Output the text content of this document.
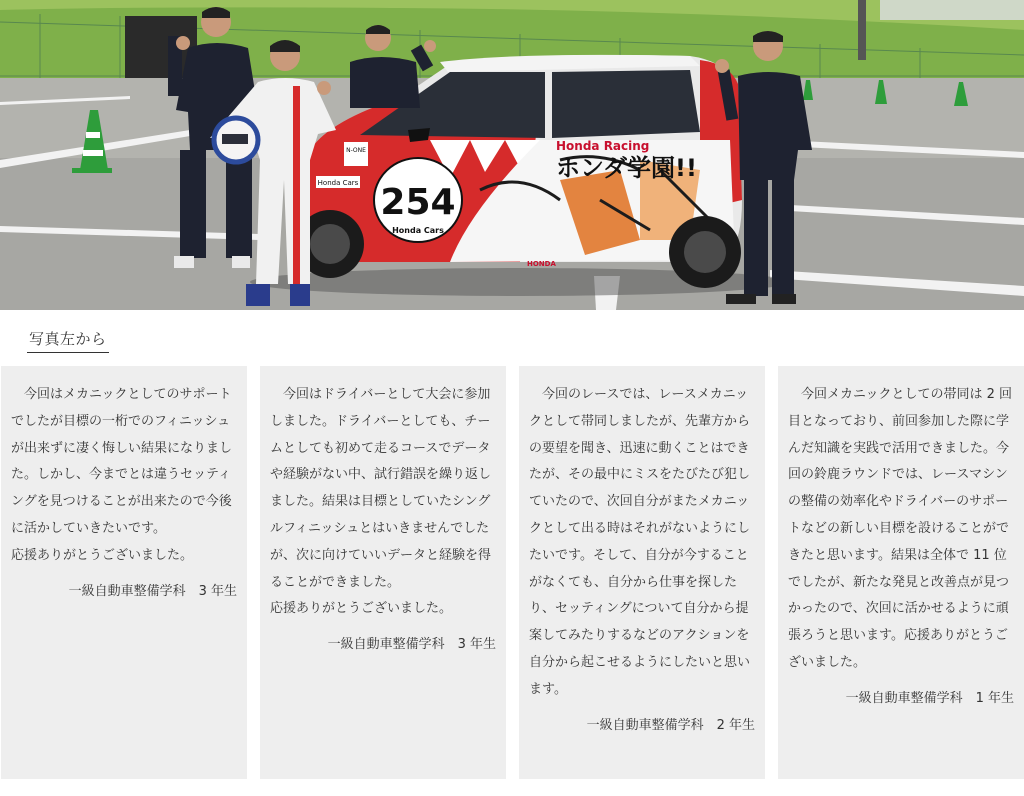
ホンダ学園!!
Honda Racing
254
Honda Cars
N-ONE
Honda Cars
HONDA
写真左から

　今回はメカニックとしてのサポートでしたが目標の一桁でのフィニッシュが出来ずに凄く悔しい結果になりました。しかし、今までとは違うセッティングを見つけることが出来たので今後に活かしていきたいです。
応援ありがとうございました。

一級自動車整備学科　3 年生

　今回はドライバーとして大会に参加しました。ドライバーとしても、チームとしても初めて走るコースでデータや経験がない中、試行錯誤を繰り返しました。結果は目標としていたシングルフィニッシュとはいきませんでしたが、次に向けていいデータと経験を得ることができました。
応援ありがとうございました。

一級自動車整備学科　3 年生

　今回のレースでは、レースメカニックとして帯同しましたが、先輩方からの要望を聞き、迅速に動くことはできたが、その最中にミスをたびたび犯していたので、次回自分がまたメカニックとして出る時はそれがないようにしたいです。そして、自分が今することがなくても、自分から仕事を探したり、セッティングについて自分から提案してみたりするなどのアクションを自分から起こせるようにしたいと思います。

一級自動車整備学科　2 年生

　今回メカニックとしての帯同は 2 回目となっており、前回参加した際に学んだ知識を実践で活用できました。今回の鈴鹿ラウンドでは、レースマシンの整備の効率化やドライバーのサポートなどの新しい目標を設けることができたと思います。結果は全体で 11 位でしたが、新たな発見と改善点が見つかったので、次回に活かせるように頑張ろうと思います。応援ありがとうございました。

一級自動車整備学科　1 年生
